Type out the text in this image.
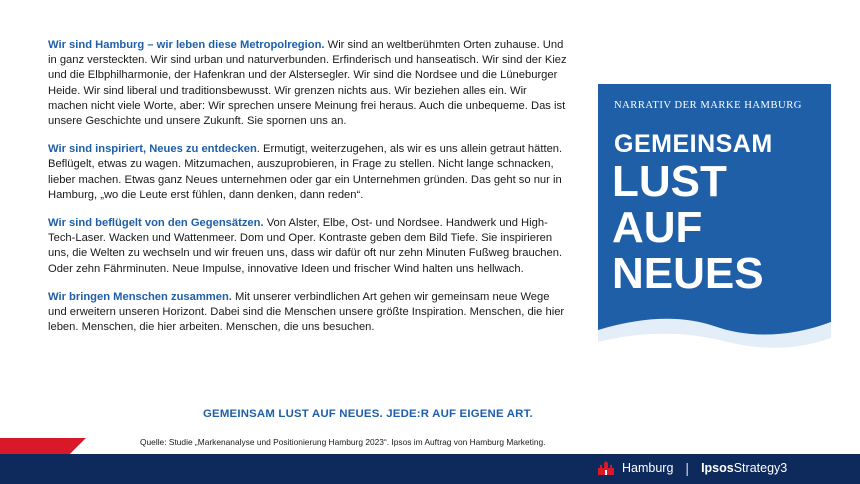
Wir sind Hamburg – wir leben diese Metropolregion. Wir sind an weltberühmten Orten zuhause. Und in ganz versteckten. Wir sind urban und naturverbunden. Erfinderisch und hanseatisch. Wir sind der Kiez und die Elbphilharmonie, der Hafenkran und der Alstersegler. Wir sind die Nordsee und die Lüneburger Heide. Wir sind liberal und traditionsbewusst. Wir grenzen nichts aus. Wir beziehen alles ein. Wir machen nicht viele Worte, aber: Wir sprechen unsere Meinung frei heraus. Auch die unbequeme. Das ist unsere Geschichte und unsere Zukunft. Sie spornen uns an.

Wir sind inspiriert, Neues zu entdecken. Ermutigt, weiterzugehen, als wir es uns allein getraut hätten. Beflügelt, etwas zu wagen. Mitzumachen, auszuprobieren, in Frage zu stellen. Nicht lange schnacken, lieber machen. Etwas ganz Neues unternehmen oder gar ein Unternehmen gründen. Das geht so nur in Hamburg, „wo die Leute erst fühlen, dann denken, dann reden“.

Wir sind beflügelt von den Gegensätzen. Von Alster, Elbe, Ost- und Nordsee. Handwerk und High-Tech-Laser. Wacken und Wattenmeer. Dom und Oper. Kontraste geben dem Bild Tiefe. Sie inspirieren uns, die Welten zu wechseln und wir freuen uns, dass wir dafür oft nur zehn Minuten Fußweg brauchen. Oder zehn Fährminuten. Neue Impulse, innovative Ideen und frischer Wind halten uns hellwach.

Wir bringen Menschen zusammen. Mit unserer verbindlichen Art gehen wir gemeinsam neue Wege und erweitern unseren Horizont. Dabei sind die Menschen unsere größte Inspiration. Menschen, die hier leben. Menschen, die hier arbeiten. Menschen, die uns besuchen.

GEMEINSAM LUST AUF NEUES. JEDE:R AUF EIGENE ART.
NARRATIV DER MARKE HAMBURG
GEMEINSAM
LUST
AUF
NEUES
Quelle: Studie „Markenanalyse und Positionierung Hamburg 2023“. Ipsos im Auftrag von Hamburg Marketing.
Hamburg | Ipsos Strategy3
